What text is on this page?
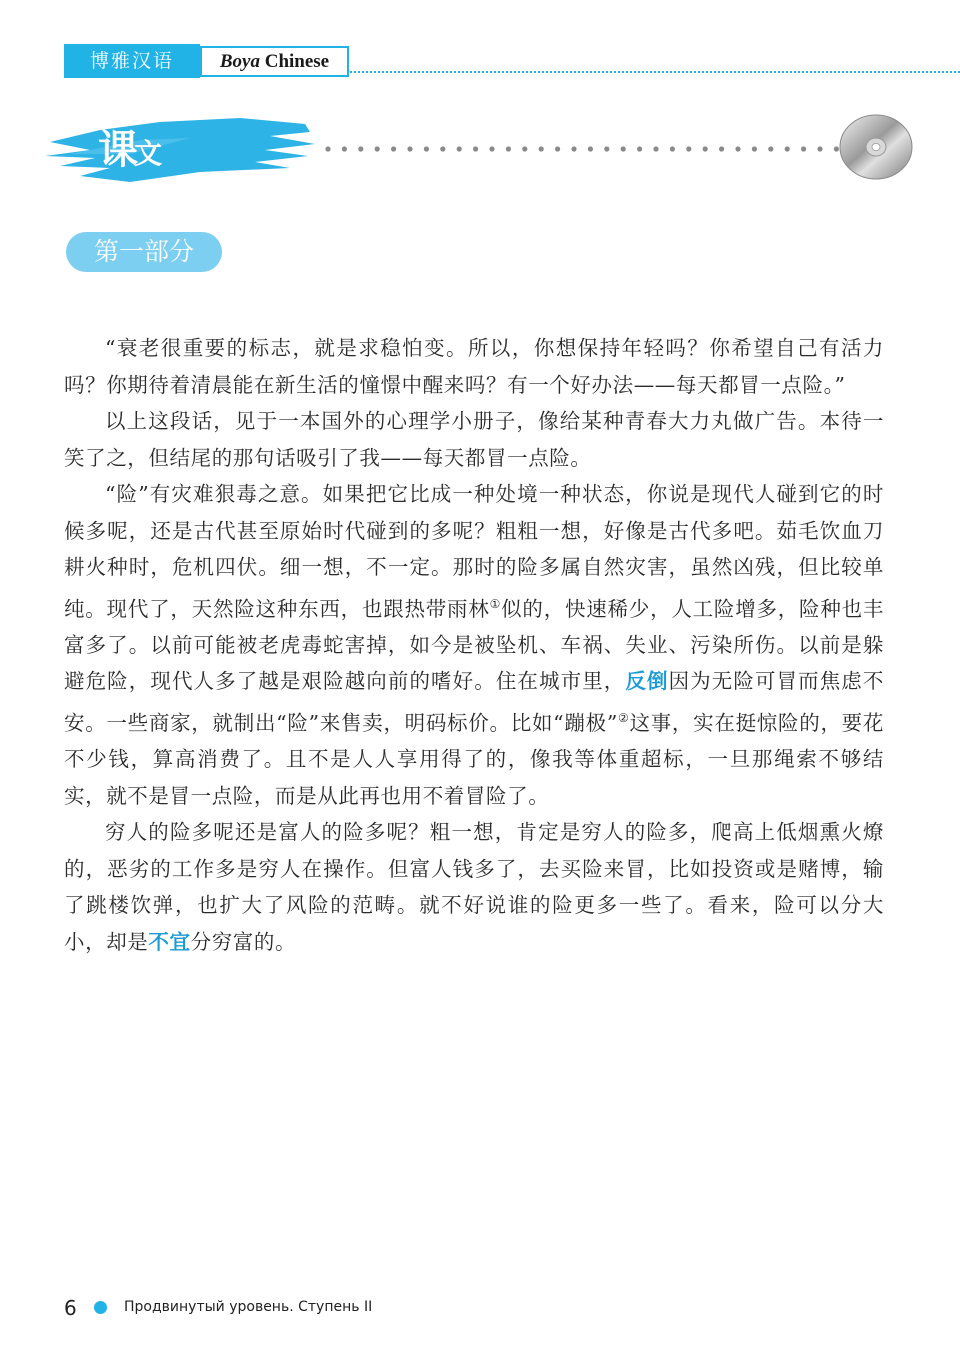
博雅汉语	Boya Chinese
课文
第一部分

“衰老很重要的标志，就是求稳怕变。所以，你想保持年轻吗？你希望自己有活力吗？你期待着清晨能在新生活的憧憬中醒来吗？有一个好办法——每天都冒一点险。”

以上这段话，见于一本国外的心理学小册子，像给某种青春大力丸做广告。本待一笑了之，但结尾的那句话吸引了我——每天都冒一点险。

“险”有灾难狠毒之意。如果把它比成一种处境一种状态，你说是现代人碰到它的时候多呢，还是古代甚至原始时代碰到的多呢？粗粗一想，好像是古代多吧。茹毛饮血刀耕火种时，危机四伏。细一想，不一定。那时的险多属自然灾害，虽然凶残，但比较单纯。现代了，天然险这种东西，也跟热带雨林①似的，快速稀少，人工险增多，险种也丰富多了。以前可能被老虎毒蛇害掉，如今是被坠机、车祸、失业、污染所伤。以前是躲避危险，现代人多了越是艰险越向前的嗜好。住在城市里，反倒因为无险可冒而焦虑不安。一些商家，就制出“险”来售卖，明码标价。比如“蹦极”②这事，实在挺惊险的，要花不少钱，算高消费了。且不是人人享用得了的，像我等体重超标，一旦那绳索不够结实，就不是冒一点险，而是从此再也用不着冒险了。

穷人的险多呢还是富人的险多呢？粗一想，肯定是穷人的险多，爬高上低烟熏火燎的，恶劣的工作多是穷人在操作。但富人钱多了，去买险来冒，比如投资或是赌博，输了跳楼饮弹，也扩大了风险的范畴。就不好说谁的险更多一些了。看来，险可以分大小，却是不宜分穷富的。

6	Продвинутый уровень. Ступень II
